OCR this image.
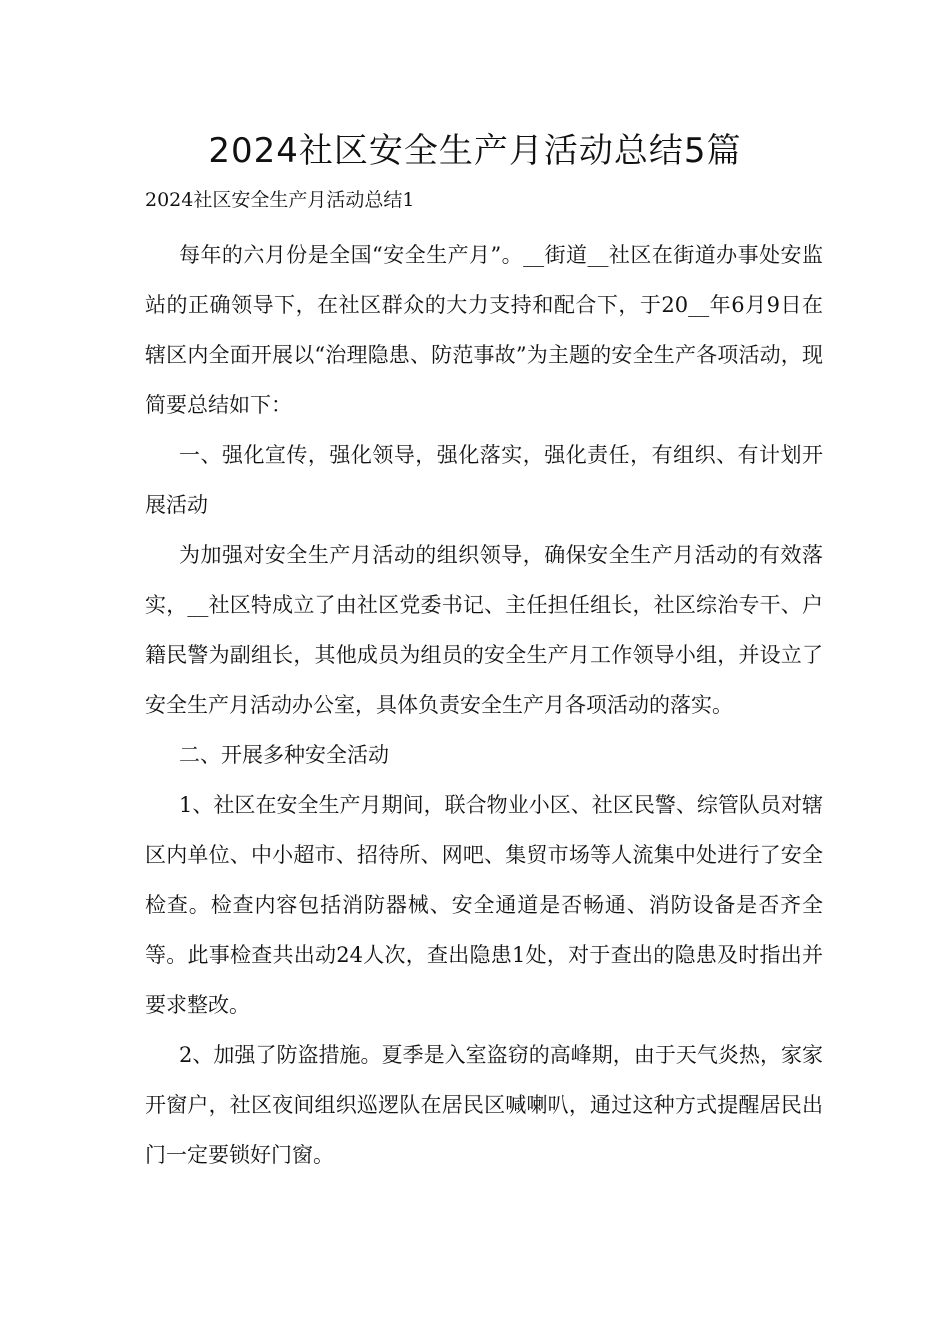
2024社区安全生产月活动总结5篇

2024社区安全生产月活动总结1

每年的六月份是全国“安全生产月”。__街道__社区在街道办事处安监站的正确领导下，在社区群众的大力支持和配合下，于20__年6月9日在辖区内全面开展以“治理隐患、防范事故”为主题的安全生产各项活动，现简要总结如下：

一、强化宣传，强化领导，强化落实，强化责任，有组织、有计划开展活动

为加强对安全生产月活动的组织领导，确保安全生产月活动的有效落实，__社区特成立了由社区党委书记、主任担任组长，社区综治专干、户籍民警为副组长，其他成员为组员的安全生产月工作领导小组，并设立了安全生产月活动办公室，具体负责安全生产月各项活动的落实。

二、开展多种安全活动

1、社区在安全生产月期间，联合物业小区、社区民警、综管队员对辖区内单位、中小超市、招待所、网吧、集贸市场等人流集中处进行了安全检查。检查内容包括消防器械、安全通道是否畅通、消防设备是否齐全等。此事检查共出动24人次，查出隐患1处，对于查出的隐患及时指出并要求整改。

2、加强了防盗措施。夏季是入室盗窃的高峰期，由于天气炎热，家家开窗户，社区夜间组织巡逻队在居民区喊喇叭，通过这种方式提醒居民出门一定要锁好门窗。
